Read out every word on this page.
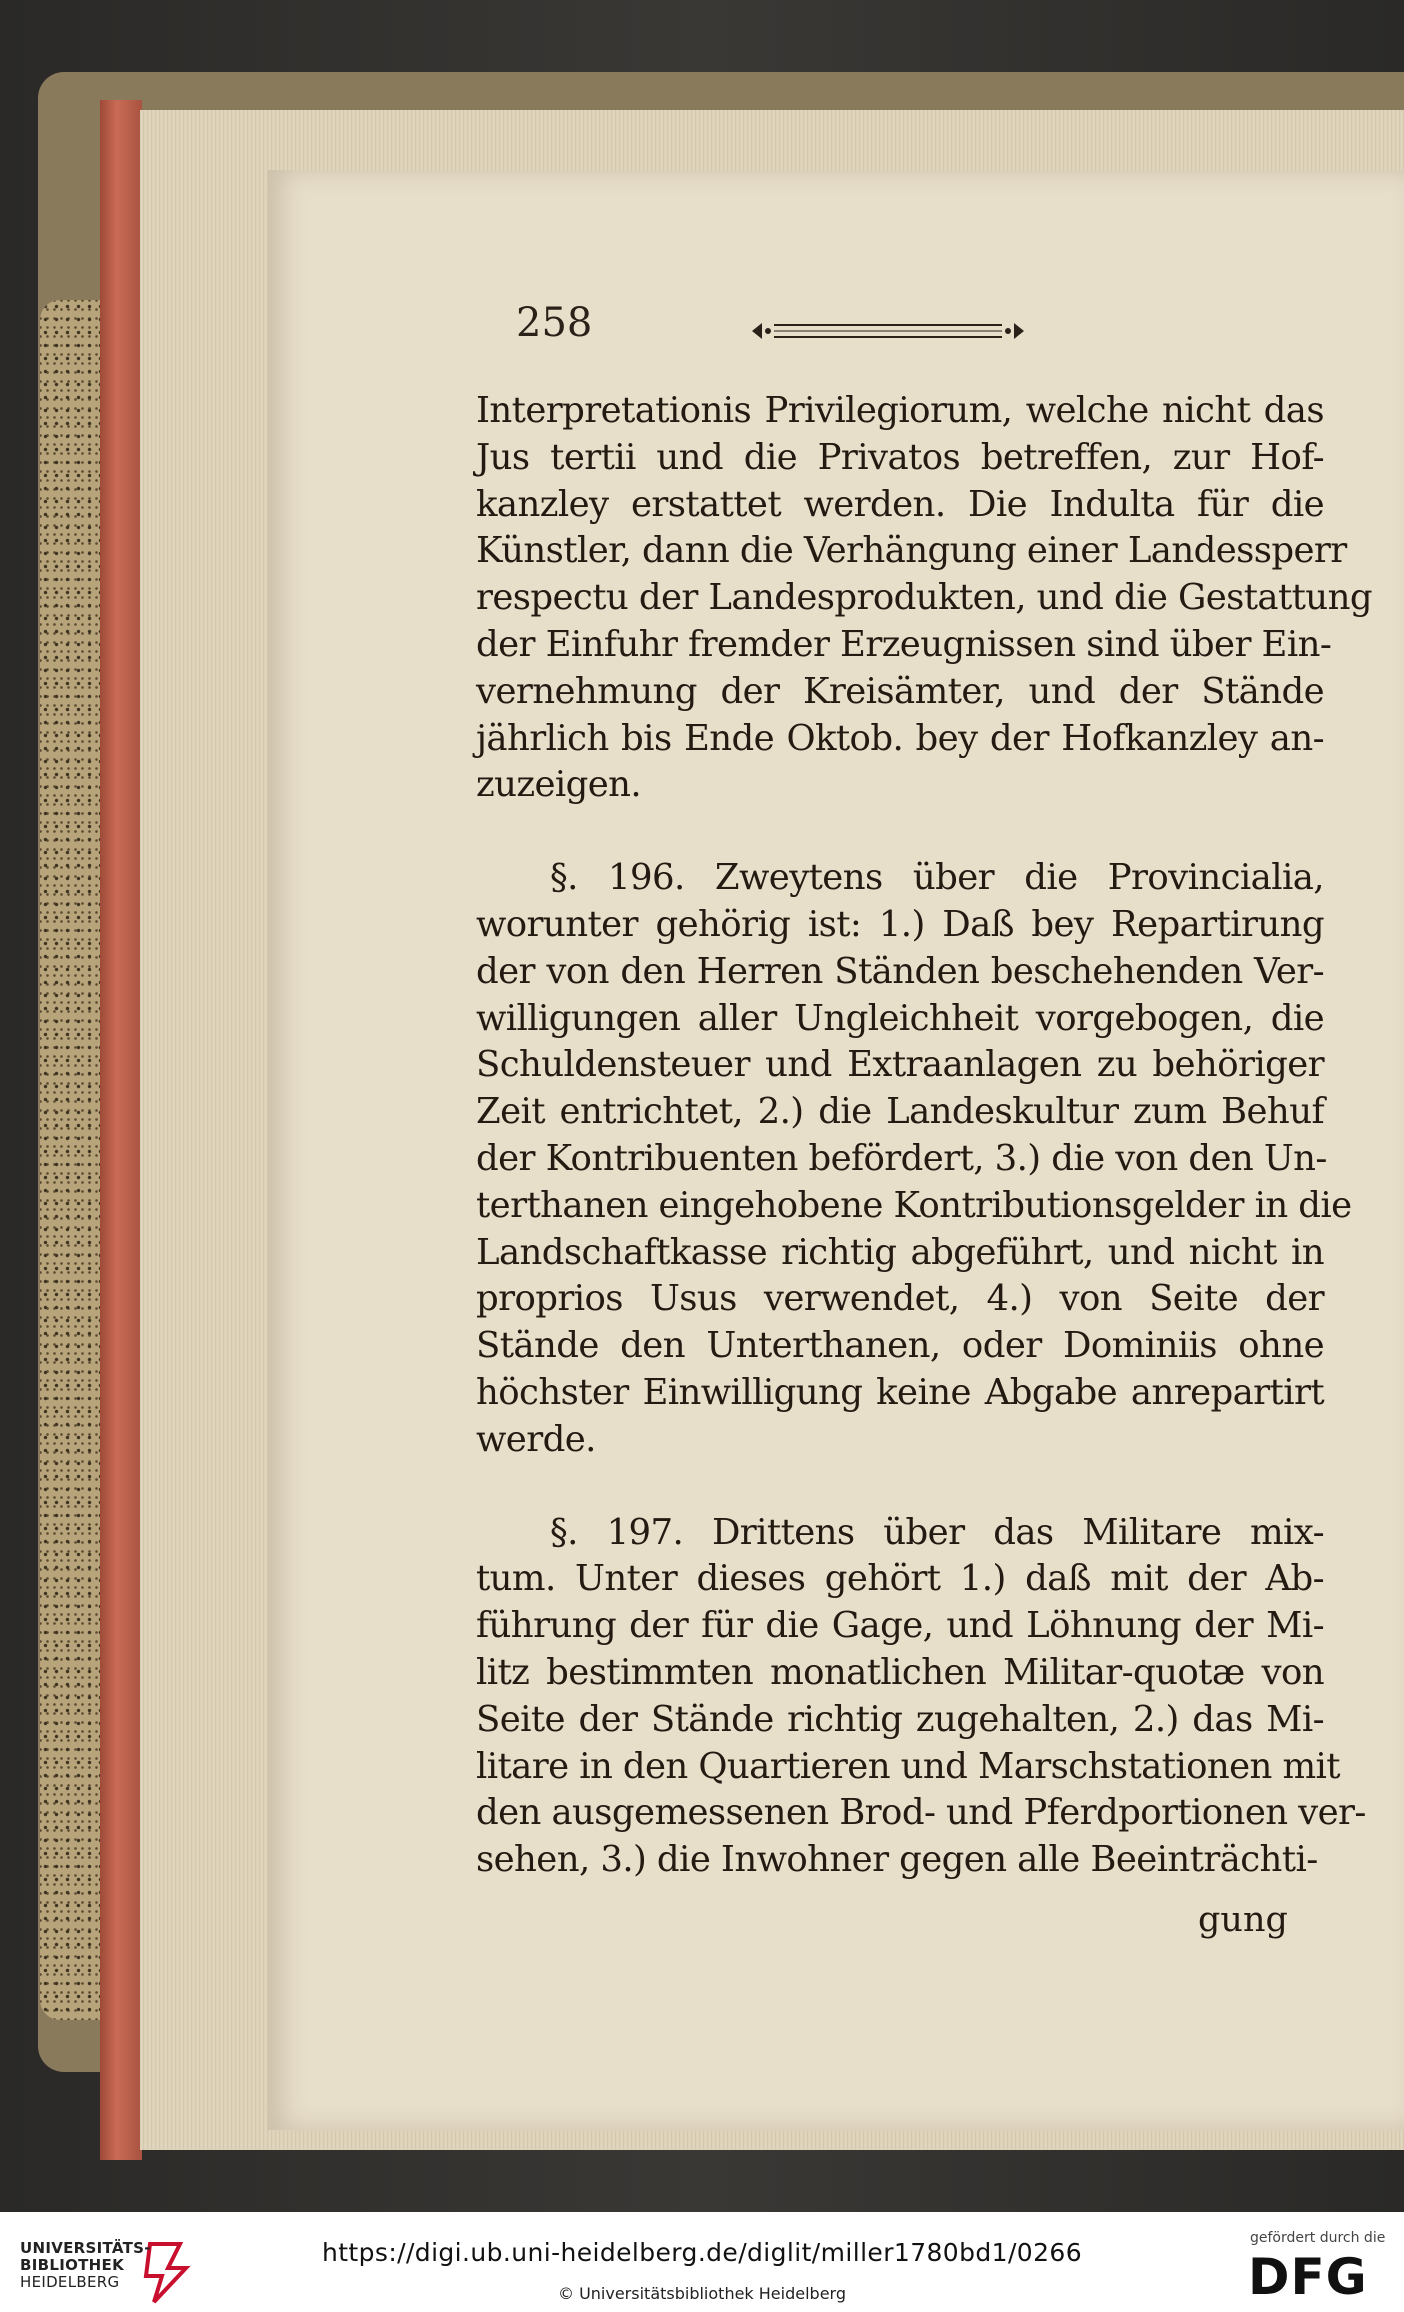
258
Interpretationis Privilegiorum, welche nicht das
Jus tertii und die Privatos betreffen, zur Hof-
kanzley erstattet werden. Die Indulta für die
Künstler, dann die Verhängung einer Landessperr
respectu der Landesprodukten, und die Gestattung
der Einfuhr fremder Erzeugnissen sind über Ein-
vernehmung der Kreisämter, und der Stände
jährlich bis Ende Oktob. bey der Hofkanzley an-
zuzeigen.
§. 196. Zweytens über die Provincialia,
worunter gehörig ist: 1.) Daß bey Repartirung
der von den Herren Ständen beschehenden Ver-
willigungen aller Ungleichheit vorgebogen, die
Schuldensteuer und Extraanlagen zu behöriger
Zeit entrichtet, 2.) die Landeskultur zum Behuf
der Kontribuenten befördert, 3.) die von den Un-
terthanen eingehobene Kontributionsgelder in die
Landschaftkasse richtig abgeführt, und nicht in
proprios Usus verwendet, 4.) von Seite der
Stände den Unterthanen, oder Dominiis ohne
höchster Einwilligung keine Abgabe anrepartirt
werde.
§. 197. Drittens über das Militare mix-
tum. Unter dieses gehört 1.) daß mit der Ab-
führung der für die Gage, und Löhnung der Mi-
litz bestimmten monatlichen Militar-quotæ von
Seite der Stände richtig zugehalten, 2.) das Mi-
litare in den Quartieren und Marschstationen mit
den ausgemessenen Brod- und Pferdportionen ver-
sehen, 3.) die Inwohner gegen alle Beeinträchti-
gung
UNIVERSITÄTS-
BIBLIOTHEK
HEIDELBERG
https://digi.ub.uni-heidelberg.de/diglit/miller1780bd1/0266
© Universitätsbibliothek Heidelberg
gefördert durch die
DFG
